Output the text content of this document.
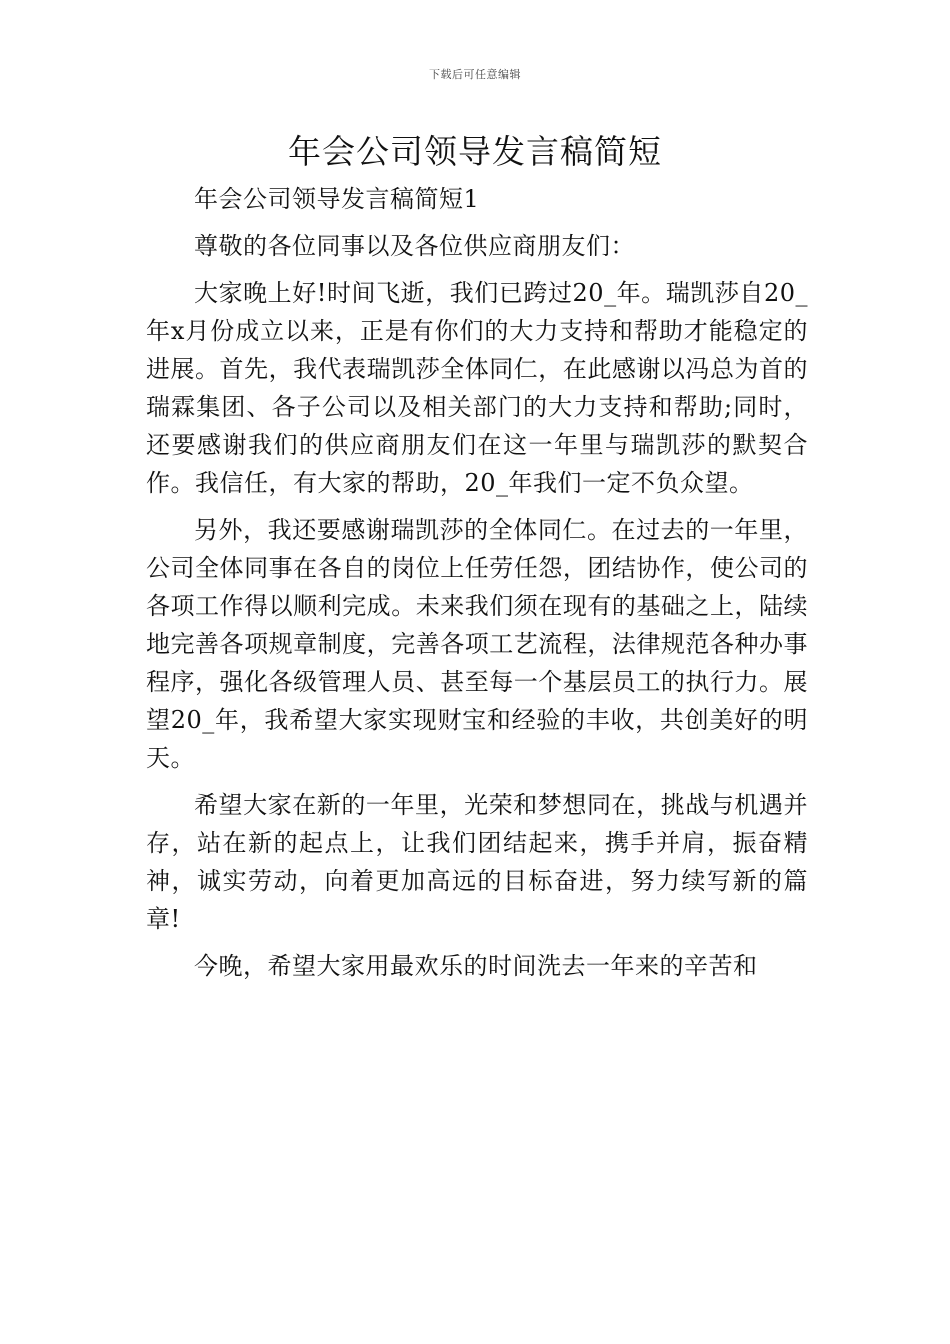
下载后可任意编辑
年会公司领导发言稿简短

年会公司领导发言稿简短1

尊敬的各位同事以及各位供应商朋友们：

大家晚上好!时间飞逝，我们已跨过20_年。瑞凯莎自20_年x月份成立以来，正是有你们的大力支持和帮助才能稳定的进展。首先，我代表瑞凯莎全体同仁，在此感谢以冯总为首的瑞霖集团、各子公司以及相关部门的大力支持和帮助;同时，还要感谢我们的供应商朋友们在这一年里与瑞凯莎的默契合作。我信任，有大家的帮助，20_年我们一定不负众望。

另外，我还要感谢瑞凯莎的全体同仁。在过去的一年里，公司全体同事在各自的岗位上任劳任怨，团结协作，使公司的各项工作得以顺利完成。未来我们须在现有的基础之上，陆续地完善各项规章制度，完善各项工艺流程，法律规范各种办事程序，强化各级管理人员、甚至每一个基层员工的执行力。展望20_年，我希望大家实现财宝和经验的丰收，共创美好的明天。

希望大家在新的一年里，光荣和梦想同在，挑战与机遇并存，站在新的起点上，让我们团结起来，携手并肩，振奋精神，诚实劳动，向着更加高远的目标奋进，努力续写新的篇章!

今晚，希望大家用最欢乐的时间洗去一年来的辛苦和
